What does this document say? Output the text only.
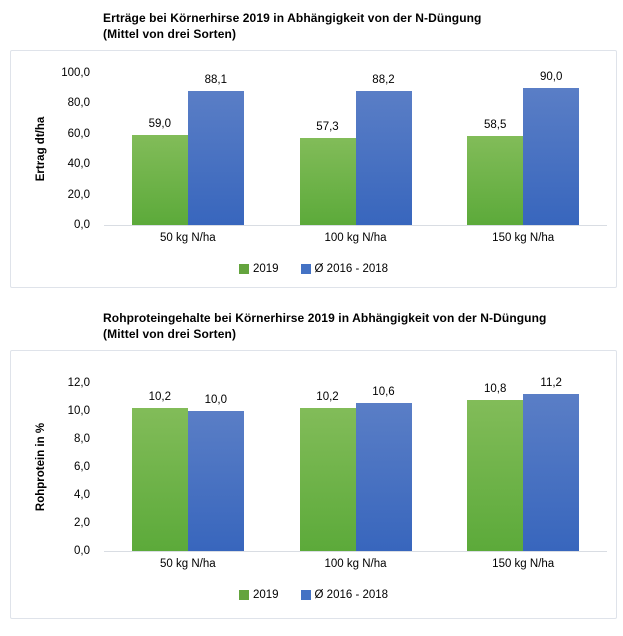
Erträge bei Körnerhirse 2019 in Abhängigkeit von der N-Düngung
(Mittel von drei Sorten)
Ertrag dt/ha
100,0
80,0
60,0
40,0
20,0
0,0
59,0
88,1
57,3
88,2
58,5
90,0
50 kg N/ha	100 kg N/ha	150 kg N/ha
2019	Ø 2016 - 2018
Rohproteingehalte bei Körnerhirse 2019 in Abhängigkeit von der N-Düngung
(Mittel von drei Sorten)
Rohprotein in %
12,0
10,0
8,0
6,0
4,0
2,0
0,0
10,2	10,0	10,2	10,6	10,8	11,2
50 kg N/ha	100 kg N/ha	150 kg N/ha
2019	Ø 2016 - 2018
